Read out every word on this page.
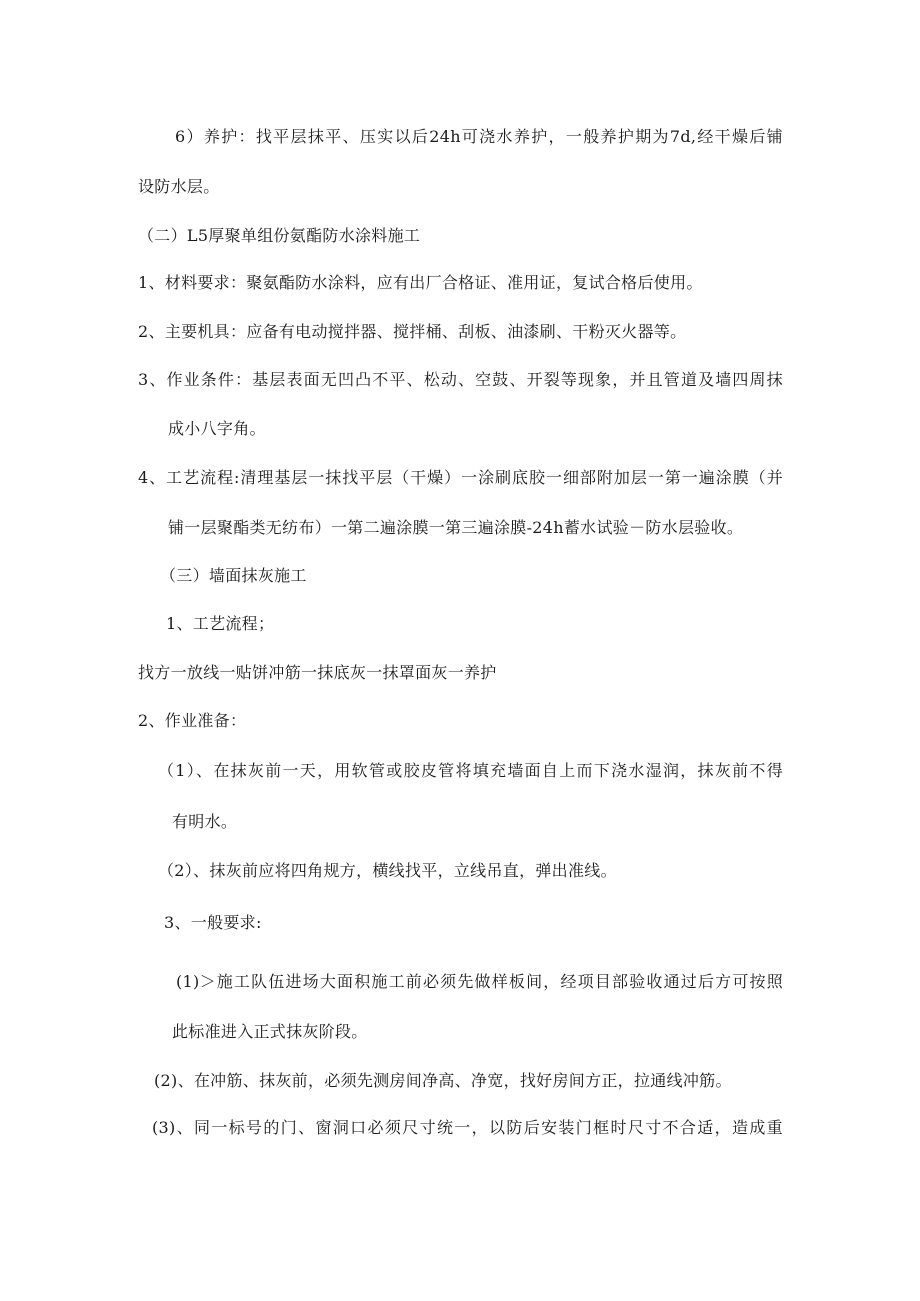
6）养护：找平层抹平、压实以后24h可浇水养护，一般养护期为7d,经干燥后铺
设防水层。
（二）L5厚聚单组份氨酯防水涂料施工
1、材料要求：聚氨酯防水涂料，应有出厂合格证、准用证，复试合格后使用。
2、主要机具：应备有电动搅拌器、搅拌桶、刮板、油漆刷、干粉灭火器等。
3、作业条件：基层表面无凹凸不平、松动、空鼓、开裂等现象，并且管道及墙四周抹
成小八字角。
4、工艺流程:清理基层一抹找平层（干燥）一涂刷底胶一细部附加层一第一遍涂膜（并
铺一层聚酯类无纺布）一第二遍涂膜一第三遍涂膜-24h蓄水试验－防水层验收。
（三）墙面抹灰施工
1、工艺流程；
找方一放线一贴饼冲筋一抹底灰一抹罩面灰一养护
2、作业准备：
（1）、在抹灰前一天，用软管或胶皮管将填充墙面自上而下浇水湿润，抹灰前不得
有明水。
（2）、抹灰前应将四角规方，横线找平，立线吊直，弹出准线。
3、一般要求:
(1)＞施工队伍进场大面积施工前必须先做样板间，经项目部验收通过后方可按照
此标准进入正式抹灰阶段。
(2)、在冲筋、抹灰前，必须先测房间净高、净宽，找好房间方正，拉通线冲筋。
(3)、同一标号的门、窗洞口必须尺寸统一，以防后安装门框时尺寸不合适，造成重
